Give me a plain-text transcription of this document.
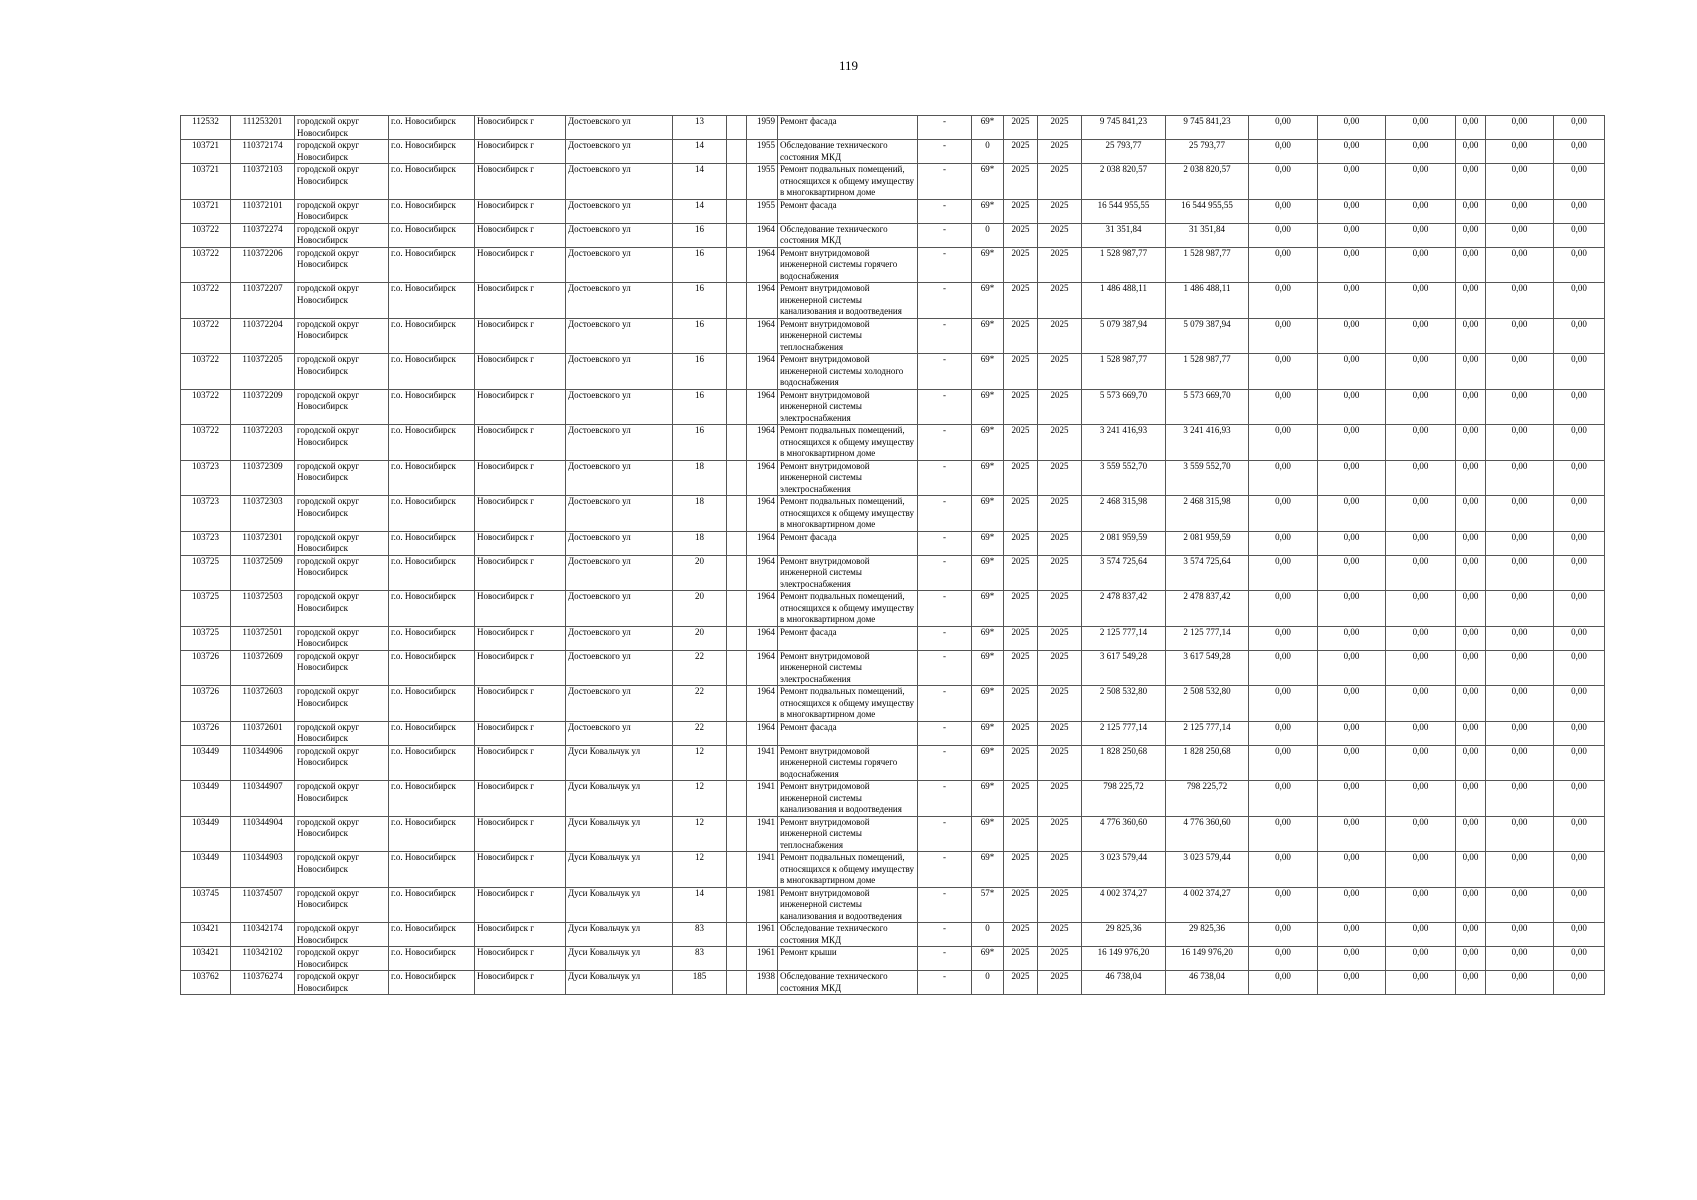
119
112532	111253201	городской округ Новосибирск	г.о. Новосибирск	Новосибирск г	Достоевского ул	13		1959	Ремонт фасада	-	69*	2025	2025	9 745 841,23	9 745 841,23	0,00	0,00	0,00	0,00	0,00	0,00
103721	110372174	городской округ Новосибирск	г.о. Новосибирск	Новосибирск г	Достоевского ул	14		1955	Обследование технического состояния МКД	-	0	2025	2025	25 793,77	25 793,77	0,00	0,00	0,00	0,00	0,00	0,00
103721	110372103	городской округ Новосибирск	г.о. Новосибирск	Новосибирск г	Достоевского ул	14		1955	Ремонт подвальных помещений, относящихся к общему имуществу в многоквартирном доме	-	69*	2025	2025	2 038 820,57	2 038 820,57	0,00	0,00	0,00	0,00	0,00	0,00
103721	110372101	городской округ Новосибирск	г.о. Новосибирск	Новосибирск г	Достоевского ул	14		1955	Ремонт фасада	-	69*	2025	2025	16 544 955,55	16 544 955,55	0,00	0,00	0,00	0,00	0,00	0,00
103722	110372274	городской округ Новосибирск	г.о. Новосибирск	Новосибирск г	Достоевского ул	16		1964	Обследование технического состояния МКД	-	0	2025	2025	31 351,84	31 351,84	0,00	0,00	0,00	0,00	0,00	0,00
103722	110372206	городской округ Новосибирск	г.о. Новосибирск	Новосибирск г	Достоевского ул	16		1964	Ремонт внутридомовой инженерной системы горячего водоснабжения	-	69*	2025	2025	1 528 987,77	1 528 987,77	0,00	0,00	0,00	0,00	0,00	0,00
103722	110372207	городской округ Новосибирск	г.о. Новосибирск	Новосибирск г	Достоевского ул	16		1964	Ремонт внутридомовой инженерной системы канализования и водоотведения	-	69*	2025	2025	1 486 488,11	1 486 488,11	0,00	0,00	0,00	0,00	0,00	0,00
103722	110372204	городской округ Новосибирск	г.о. Новосибирск	Новосибирск г	Достоевского ул	16		1964	Ремонт внутридомовой инженерной системы теплоснабжения	-	69*	2025	2025	5 079 387,94	5 079 387,94	0,00	0,00	0,00	0,00	0,00	0,00
103722	110372205	городской округ Новосибирск	г.о. Новосибирск	Новосибирск г	Достоевского ул	16		1964	Ремонт внутридомовой инженерной системы холодного водоснабжения	-	69*	2025	2025	1 528 987,77	1 528 987,77	0,00	0,00	0,00	0,00	0,00	0,00
103722	110372209	городской округ Новосибирск	г.о. Новосибирск	Новосибирск г	Достоевского ул	16		1964	Ремонт внутридомовой инженерной системы электроснабжения	-	69*	2025	2025	5 573 669,70	5 573 669,70	0,00	0,00	0,00	0,00	0,00	0,00
103722	110372203	городской округ Новосибирск	г.о. Новосибирск	Новосибирск г	Достоевского ул	16		1964	Ремонт подвальных помещений, относящихся к общему имуществу в многоквартирном доме	-	69*	2025	2025	3 241 416,93	3 241 416,93	0,00	0,00	0,00	0,00	0,00	0,00
103723	110372309	городской округ Новосибирск	г.о. Новосибирск	Новосибирск г	Достоевского ул	18		1964	Ремонт внутридомовой инженерной системы электроснабжения	-	69*	2025	2025	3 559 552,70	3 559 552,70	0,00	0,00	0,00	0,00	0,00	0,00
103723	110372303	городской округ Новосибирск	г.о. Новосибирск	Новосибирск г	Достоевского ул	18		1964	Ремонт подвальных помещений, относящихся к общему имуществу в многоквартирном доме	-	69*	2025	2025	2 468 315,98	2 468 315,98	0,00	0,00	0,00	0,00	0,00	0,00
103723	110372301	городской округ Новосибирск	г.о. Новосибирск	Новосибирск г	Достоевского ул	18		1964	Ремонт фасада	-	69*	2025	2025	2 081 959,59	2 081 959,59	0,00	0,00	0,00	0,00	0,00	0,00
103725	110372509	городской округ Новосибирск	г.о. Новосибирск	Новосибирск г	Достоевского ул	20		1964	Ремонт внутридомовой инженерной системы электроснабжения	-	69*	2025	2025	3 574 725,64	3 574 725,64	0,00	0,00	0,00	0,00	0,00	0,00
103725	110372503	городской округ Новосибирск	г.о. Новосибирск	Новосибирск г	Достоевского ул	20		1964	Ремонт подвальных помещений, относящихся к общему имуществу в многоквартирном доме	-	69*	2025	2025	2 478 837,42	2 478 837,42	0,00	0,00	0,00	0,00	0,00	0,00
103725	110372501	городской округ Новосибирск	г.о. Новосибирск	Новосибирск г	Достоевского ул	20		1964	Ремонт фасада	-	69*	2025	2025	2 125 777,14	2 125 777,14	0,00	0,00	0,00	0,00	0,00	0,00
103726	110372609	городской округ Новосибирск	г.о. Новосибирск	Новосибирск г	Достоевского ул	22		1964	Ремонт внутридомовой инженерной системы электроснабжения	-	69*	2025	2025	3 617 549,28	3 617 549,28	0,00	0,00	0,00	0,00	0,00	0,00
103726	110372603	городской округ Новосибирск	г.о. Новосибирск	Новосибирск г	Достоевского ул	22		1964	Ремонт подвальных помещений, относящихся к общему имуществу в многоквартирном доме	-	69*	2025	2025	2 508 532,80	2 508 532,80	0,00	0,00	0,00	0,00	0,00	0,00
103726	110372601	городской округ Новосибирск	г.о. Новосибирск	Новосибирск г	Достоевского ул	22		1964	Ремонт фасада	-	69*	2025	2025	2 125 777,14	2 125 777,14	0,00	0,00	0,00	0,00	0,00	0,00
103449	110344906	городской округ Новосибирск	г.о. Новосибирск	Новосибирск г	Дуси Ковальчук ул	12		1941	Ремонт внутридомовой инженерной системы горячего водоснабжения	-	69*	2025	2025	1 828 250,68	1 828 250,68	0,00	0,00	0,00	0,00	0,00	0,00
103449	110344907	городской округ Новосибирск	г.о. Новосибирск	Новосибирск г	Дуси Ковальчук ул	12		1941	Ремонт внутридомовой инженерной системы канализования и водоотведения	-	69*	2025	2025	798 225,72	798 225,72	0,00	0,00	0,00	0,00	0,00	0,00
103449	110344904	городской округ Новосибирск	г.о. Новосибирск	Новосибирск г	Дуси Ковальчук ул	12		1941	Ремонт внутридомовой инженерной системы теплоснабжения	-	69*	2025	2025	4 776 360,60	4 776 360,60	0,00	0,00	0,00	0,00	0,00	0,00
103449	110344903	городской округ Новосибирск	г.о. Новосибирск	Новосибирск г	Дуси Ковальчук ул	12		1941	Ремонт подвальных помещений, относящихся к общему имуществу в многоквартирном доме	-	69*	2025	2025	3 023 579,44	3 023 579,44	0,00	0,00	0,00	0,00	0,00	0,00
103745	110374507	городской округ Новосибирск	г.о. Новосибирск	Новосибирск г	Дуси Ковальчук ул	14		1981	Ремонт внутридомовой инженерной системы канализования и водоотведения	-	57*	2025	2025	4 002 374,27	4 002 374,27	0,00	0,00	0,00	0,00	0,00	0,00
103421	110342174	городской округ Новосибирск	г.о. Новосибирск	Новосибирск г	Дуси Ковальчук ул	83		1961	Обследование технического состояния МКД	-	0	2025	2025	29 825,36	29 825,36	0,00	0,00	0,00	0,00	0,00	0,00
103421	110342102	городской округ Новосибирск	г.о. Новосибирск	Новосибирск г	Дуси Ковальчук ул	83		1961	Ремонт крыши	-	69*	2025	2025	16 149 976,20	16 149 976,20	0,00	0,00	0,00	0,00	0,00	0,00
103762	110376274	городской округ Новосибирск	г.о. Новосибирск	Новосибирск г	Дуси Ковальчук ул	185		1938	Обследование технического состояния МКД	-	0	2025	2025	46 738,04	46 738,04	0,00	0,00	0,00	0,00	0,00	0,00
